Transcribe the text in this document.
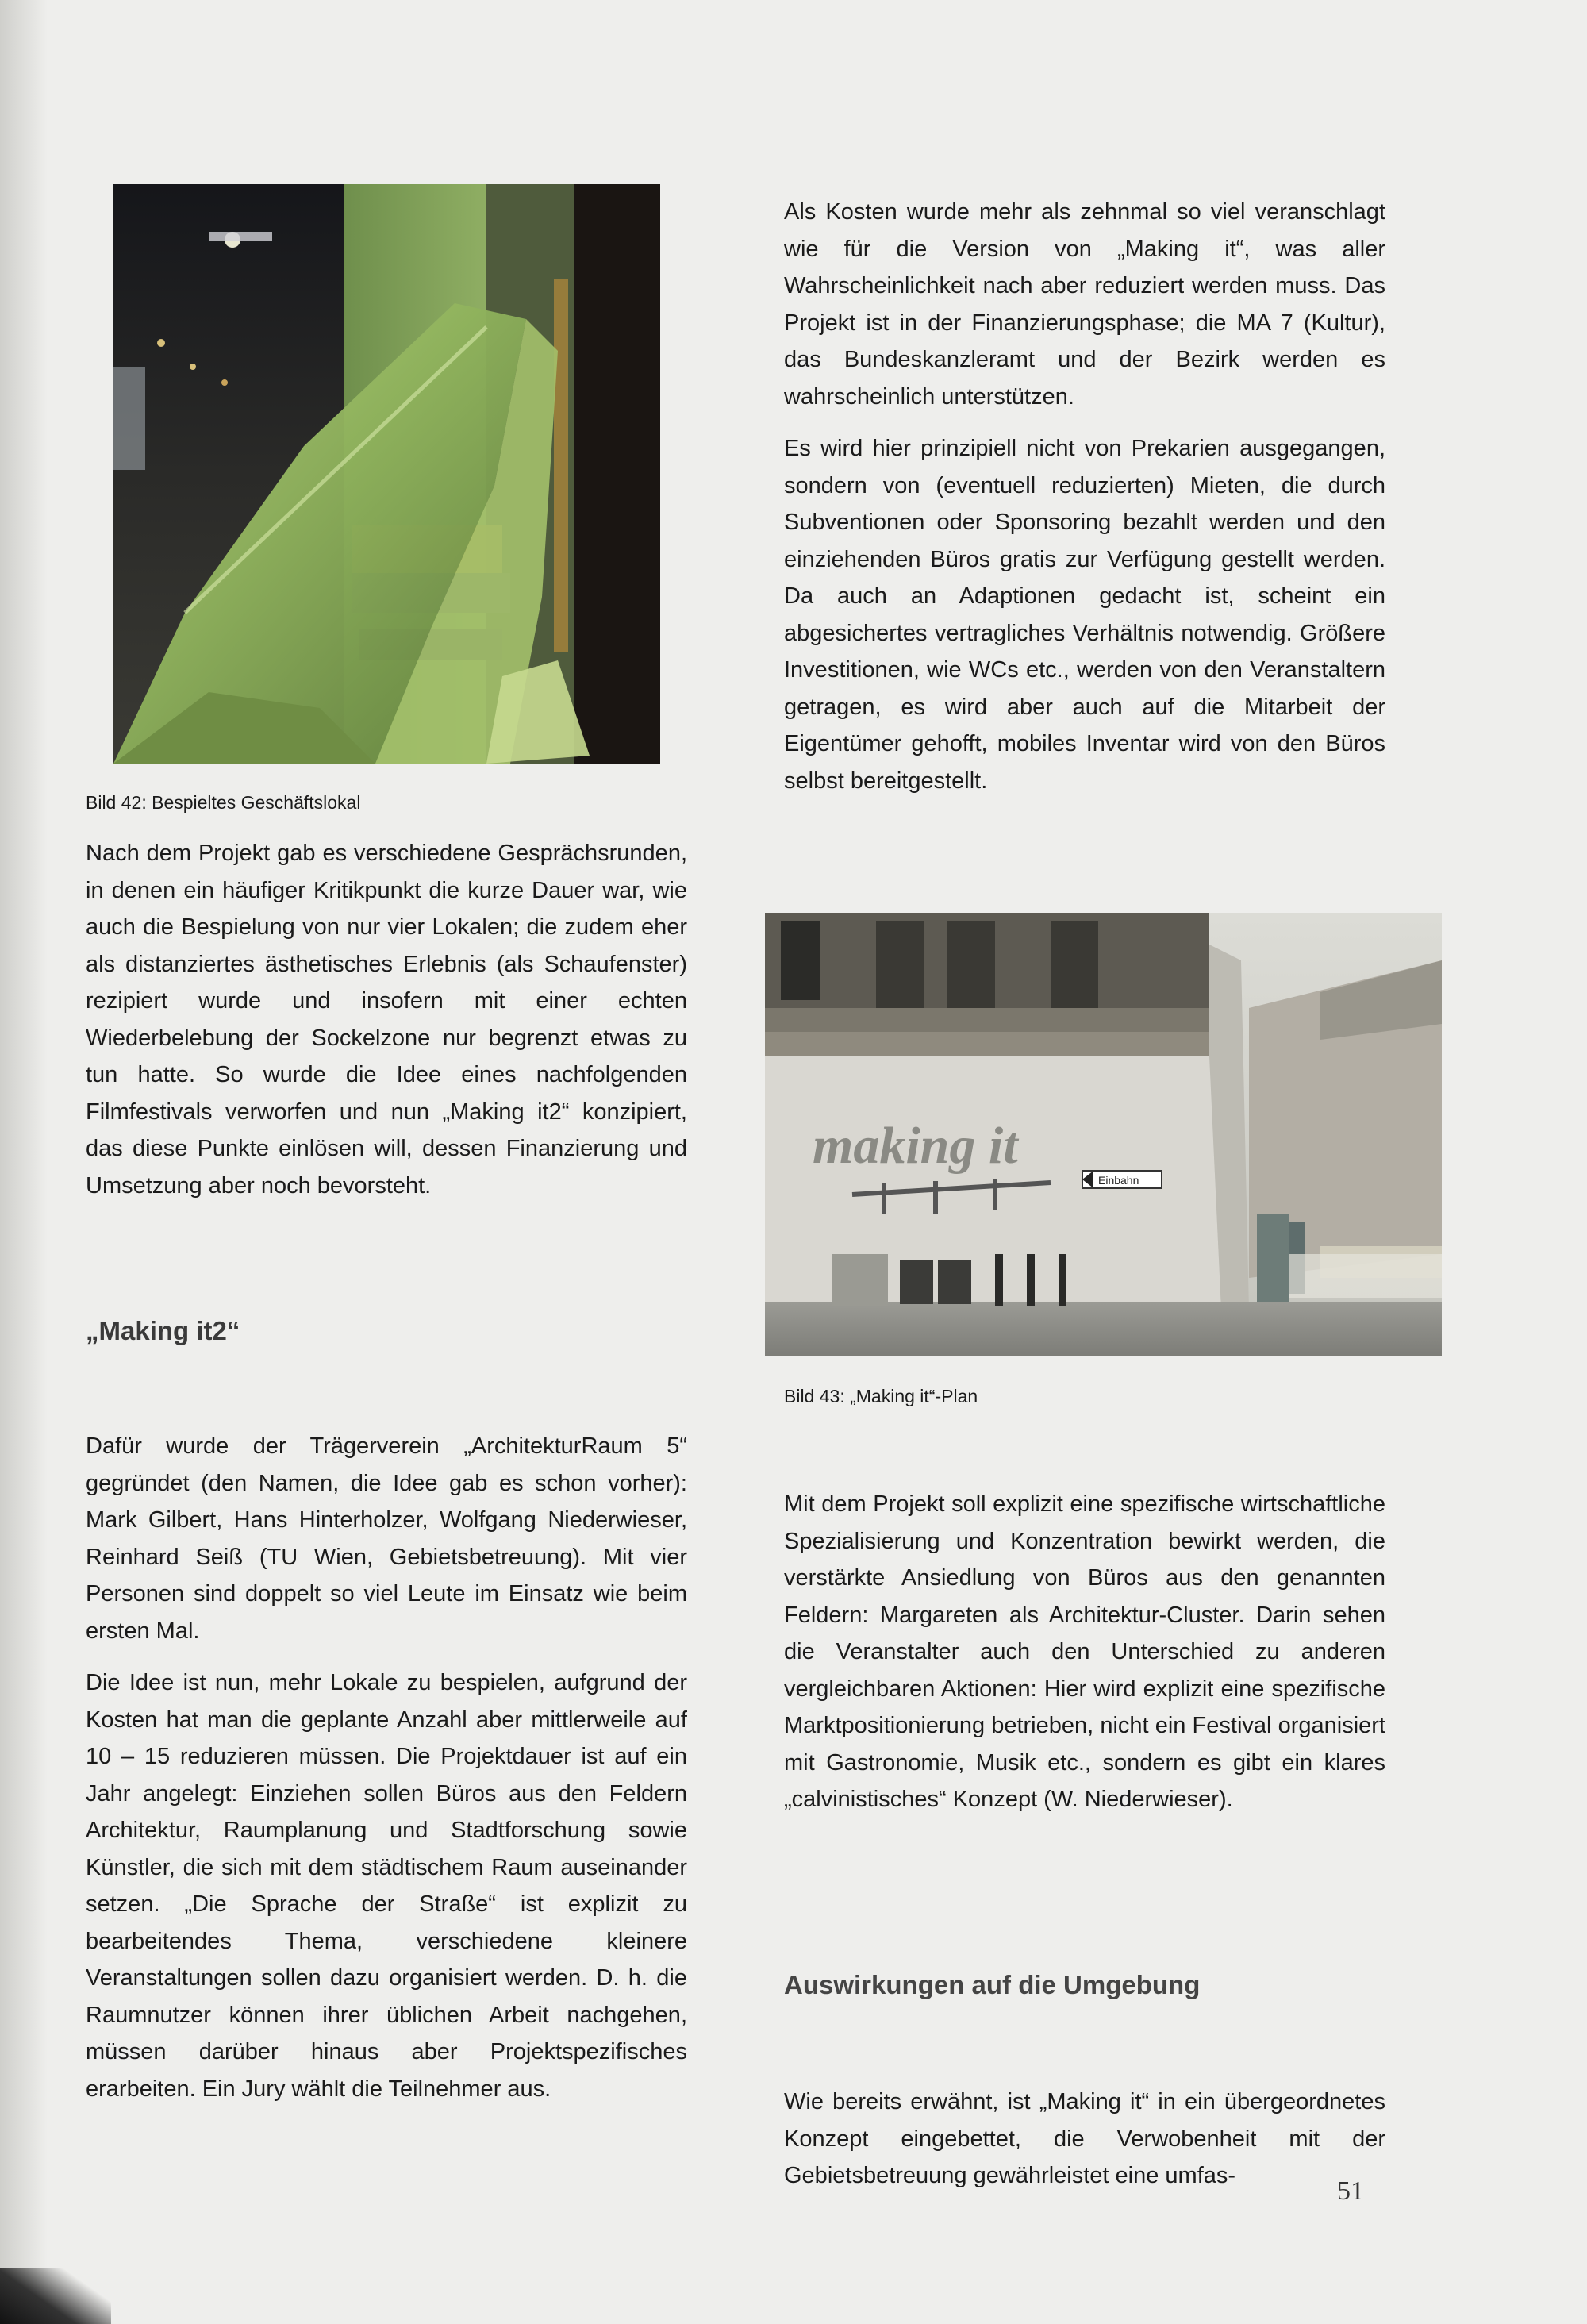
Bild 42: Bespieltes Geschäftslokal

Nach dem Projekt gab es verschiedene Gesprächsrunden, in denen ein häufiger Kritikpunkt die kurze Dauer war, wie auch die Bespielung von nur vier Lokalen; die zudem eher als distanziertes ästhetisches Erlebnis (als Schaufenster) rezipiert wurde und insofern mit einer echten Wiederbelebung der Sockelzone nur begrenzt etwas zu tun hatte. So wurde die Idee eines nachfolgenden Filmfestivals verworfen und nun „Making it2“ konzipiert, das diese Punkte einlösen will, dessen Finanzierung und Umsetzung aber noch bevorsteht.

„Making it2“

Dafür wurde der Trägerverein „ArchitekturRaum 5“ gegründet (den Namen, die Idee gab es schon vorher): Mark Gilbert, Hans Hinterholzer, Wolfgang Niederwieser, Reinhard Seiß (TU Wien, Gebietsbetreuung). Mit vier Personen sind doppelt so viel Leute im Einsatz wie beim ersten Mal.

Die Idee ist nun, mehr Lokale zu bespielen, aufgrund der Kosten hat man die geplante Anzahl aber mittlerweile auf 10 – 15 reduzieren müssen. Die Projektdauer ist auf ein Jahr angelegt: Einziehen sollen Büros aus den Feldern Architektur, Raumplanung und Stadtforschung sowie Künstler, die sich mit dem städtischem Raum auseinander setzen. „Die Sprache der Straße“ ist explizit zu bearbeitendes Thema, verschiedene kleinere Veranstaltungen sollen dazu organisiert werden. D. h. die Raumnutzer können ihrer üblichen Arbeit nachgehen, müssen darüber hinaus aber Projektspezifisches erarbeiten. Ein Jury wählt die Teilnehmer aus.

Als Kosten wurde mehr als zehnmal so viel veranschlagt wie für die Version von „Making it“, was aller Wahrscheinlichkeit nach aber reduziert werden muss. Das Projekt ist in der Finanzierungsphase; die MA 7 (Kultur), das Bundeskanzleramt und der Bezirk werden es wahrscheinlich unterstützen.

Es wird hier prinzipiell nicht von Prekarien ausgegangen, sondern von (eventuell reduzierten) Mieten, die durch Subventionen oder Sponsoring bezahlt werden und den einziehenden Büros gratis zur Verfügung gestellt werden. Da auch an Adaptionen gedacht ist, scheint ein abgesichertes vertragliches Verhältnis notwendig. Größere Investitionen, wie WCs etc., werden von den Veranstaltern getragen, es wird aber auch auf die Mitarbeit der Eigentümer gehofft, mobiles Inventar wird von den Büros selbst bereitgestellt.

making it
Einbahn

Bild 43: „Making it“-Plan

Mit dem Projekt soll explizit eine spezifische wirtschaftliche Spezialisierung und Konzentration bewirkt werden, die verstärkte Ansiedlung von Büros aus den genannten Feldern: Margareten als Architektur-Cluster. Darin sehen die Veranstalter auch den Unterschied zu anderen vergleichbaren Aktionen: Hier wird explizit eine spezifische Marktpositionierung betrieben, nicht ein Festival organisiert mit Gastronomie, Musik etc., sondern es gibt ein klares „calvinistisches“ Konzept (W. Niederwieser).

Auswirkungen auf die Umgebung

Wie bereits erwähnt, ist „Making it“ in ein übergeordnetes Konzept eingebettet, die Verwobenheit mit der Gebietsbetreuung gewährleistet eine umfas-

51
